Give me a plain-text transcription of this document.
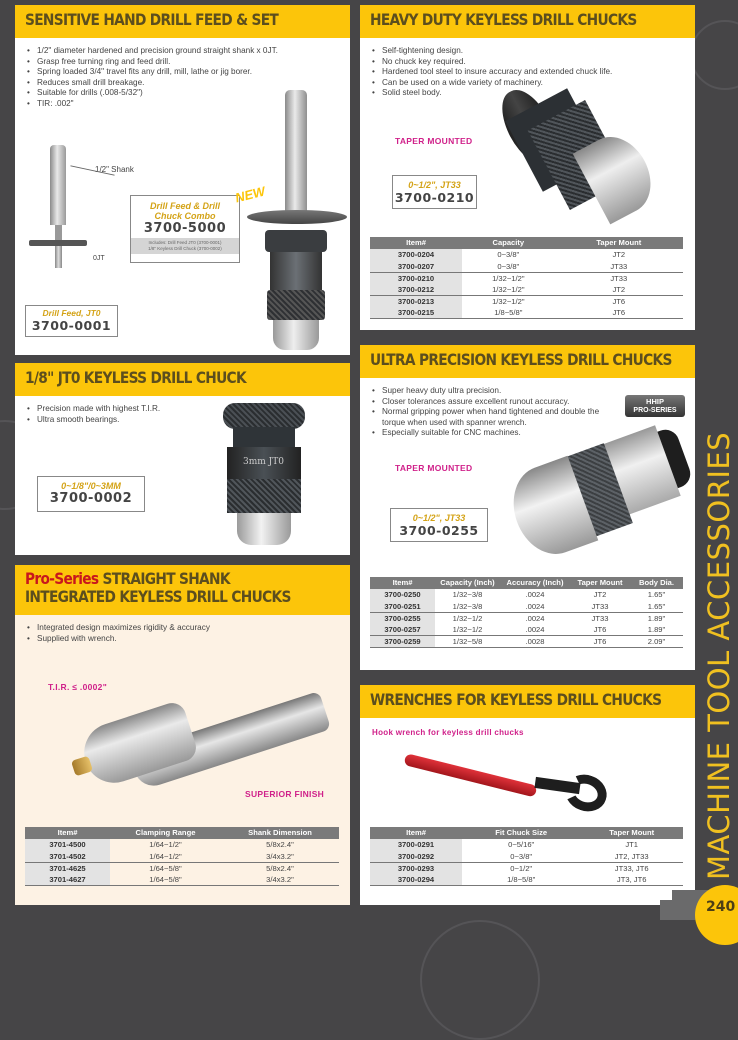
SENSITIVE HAND DRILL FEED & SET
• 1/2" diameter hardened and precision ground straight shank x 0JT.
• Grasp free turning ring and feed drill.
• Spring loaded 3/4" travel fits any drill, mill, lathe or jig borer.
• Reduces small drill breakage.
• Suitable for drills (.008-5/32")
• TIR: .002"
1/2" Shank
0JT
Drill Feed & Drill
Chuck Combo
3700-5000
Includes: Drill Feed JT0 (3700-0001)
1/8" Keyless Drill Chuck (3700-0002)
NEW
Drill Feed, JT0
3700-0001
1/8" JT0 KEYLESS DRILL CHUCK
• Precision made with highest T.I.R.
• Ultra smooth bearings.
3mm JT0
0~1/8"/0~3MM
3700-0002
Pro-Series STRAIGHT SHANK
INTEGRATED KEYLESS DRILL CHUCKS
• Integrated design maximizes rigidity & accuracy
• Supplied with wrench.
T.I.R. ≤ .0002"
SUPERIOR FINISH
Item#	Clamping Range	Shank Dimension
3701-4500	1/64~1/2"	5/8x2.4"
3701-4502	1/64~1/2"	3/4x3.2"
3701-4625	1/64~5/8"	5/8x2.4"
3701-4627	1/64~5/8"	3/4x3.2"
HEAVY DUTY KEYLESS DRILL CHUCKS
• Self-tightening design.
• No chuck key required.
• Hardened tool steel to insure accuracy and extended chuck life.
• Can be used on a wide variety of machinery.
• Solid steel body.
TAPER MOUNTED
0~1/2", JT33
3700-0210
Item#	Capacity	Taper Mount
3700-0204	0~3/8"	JT2
3700-0207	0~3/8"	JT33
3700-0210	1/32~1/2"	JT33
3700-0212	1/32~1/2"	JT2
3700-0213	1/32~1/2"	JT6
3700-0215	1/8~5/8"	JT6
ULTRA PRECISION KEYLESS DRILL CHUCKS
• Super heavy duty ultra precision.
• Closer tolerances assure excellent runout accuracy.
• Normal gripping power when hand tightened and double the torque when used with spanner wrench.
• Especially suitable for CNC machines.
HHIP
PRO-SERIES
TAPER MOUNTED
0~1/2", JT33
3700-0255
Item#	Capacity (Inch)	Accuracy (Inch)	Taper Mount	Body Dia.
3700-0250	1/32~3/8	.0024	JT2	1.65"
3700-0251	1/32~3/8	.0024	JT33	1.65"
3700-0255	1/32~1/2	.0024	JT33	1.89"
3700-0257	1/32~1/2	.0024	JT6	1.89"
3700-0259	1/32~5/8	.0028	JT6	2.09"
WRENCHES FOR KEYLESS DRILL CHUCKS
Hook wrench for keyless drill chucks
Item#	Fit Chuck Size	Taper Mount
3700-0291	0~5/16"	JT1
3700-0292	0~3/8"	JT2, JT33
3700-0293	0~1/2"	JT33, JT6
3700-0294	1/8~5/8"	JT3, JT6 MACHINE TOOL ACCESSORIES
240
